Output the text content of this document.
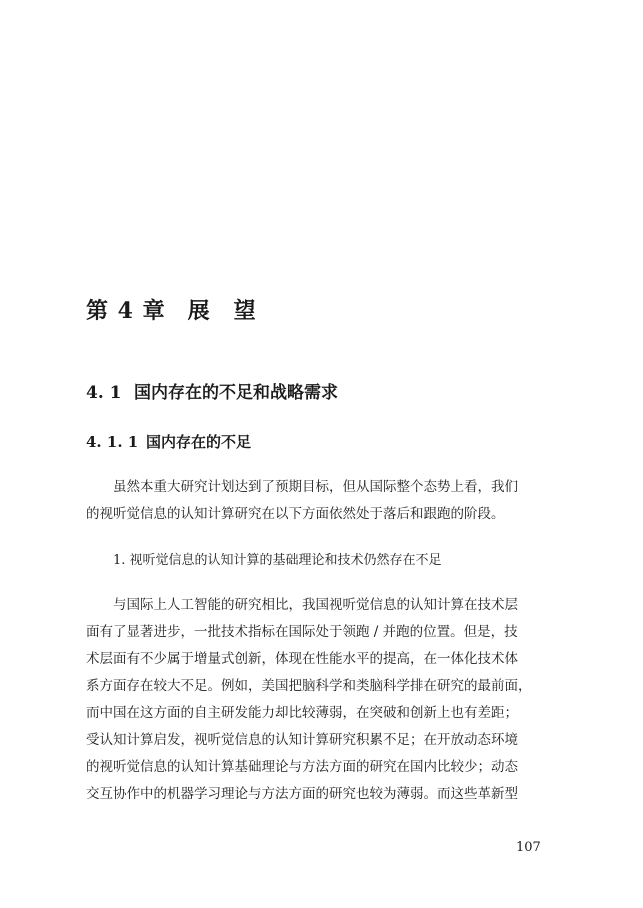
第 4 章 展　望
4. 1 国内存在的不足和战略需求
4. 1. 1 国内存在的不足
虽然本重大研究计划达到了预期目标，但从国际整个态势上看，我们
的视听觉信息的认知计算研究在以下方面依然处于落后和跟跑的阶段。
1. 视听觉信息的认知计算的基础理论和技术仍然存在不足
与国际上人工智能的研究相比，我国视听觉信息的认知计算在技术层
面有了显著进步，一批技术指标在国际处于领跑 / 并跑的位置。但是，技
术层面有不少属于增量式创新，体现在性能水平的提高，在一体化技术体
系方面存在较大不足。例如，美国把脑科学和类脑科学排在研究的最前面，
而中国在这方面的自主研发能力却比较薄弱，在突破和创新上也有差距；
受认知计算启发，视听觉信息的认知计算研究积累不足；在开放动态环境
的视听觉信息的认知计算基础理论与方法方面的研究在国内比较少；动态
交互协作中的机器学习理论与方法方面的研究也较为薄弱。而这些革新型
107
